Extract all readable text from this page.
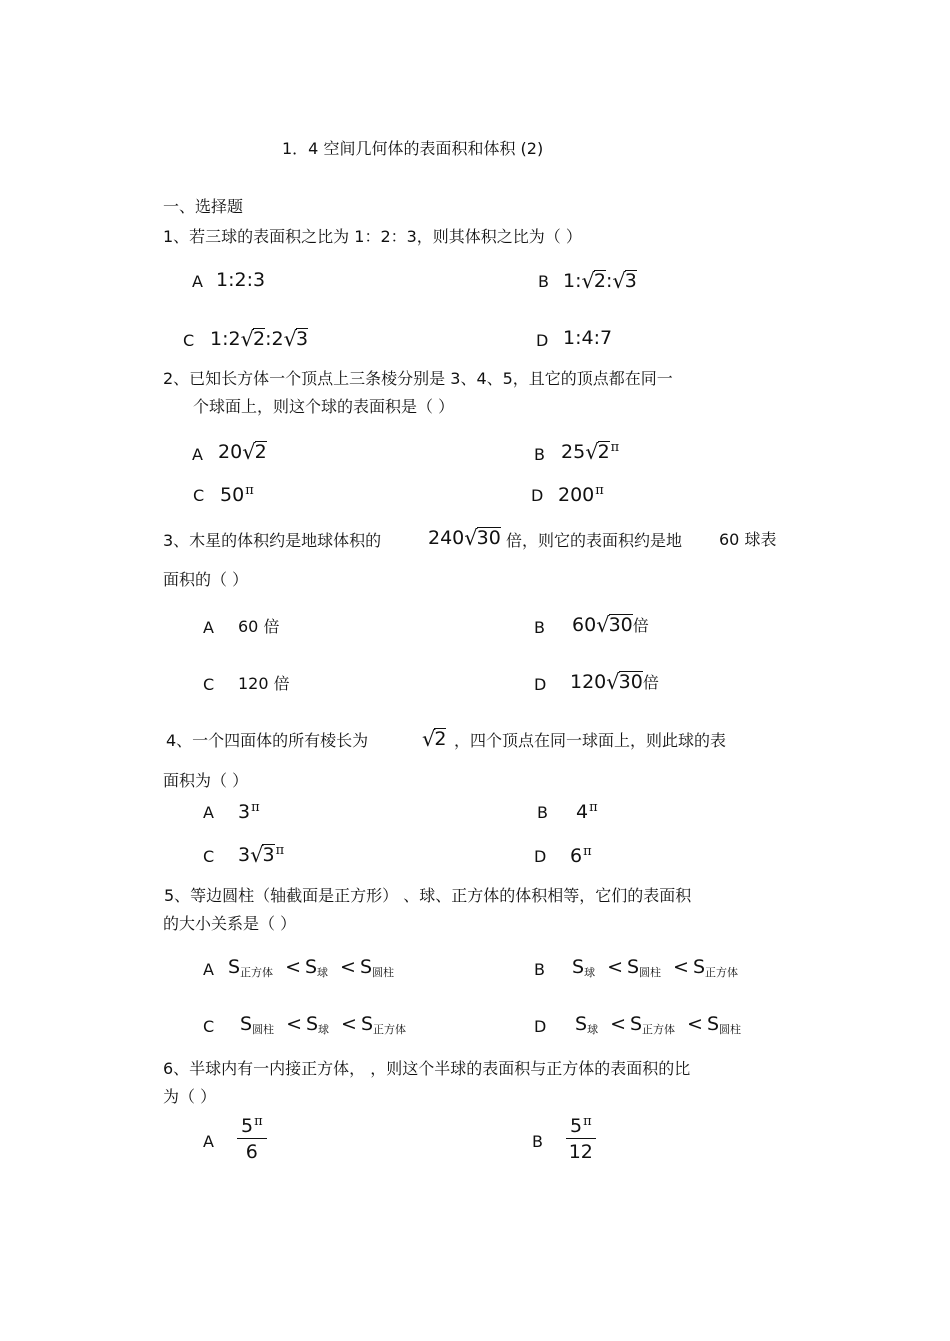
1．4 空间几何体的表面积和体积 (2)
一、选择题
1、若三球的表面积之比为 1：2：3，则其体积之比为（ ）
A 1:2:3	B 1:√2:√3
C 1:2√2:2√3	D 1:4:7
2、已知长方体一个顶点上三条棱分别是 3、4、5，且它的顶点都在同一
个球面上，则这个球的表面积是（ ）
A 20√2	B $25√2^\pi$
C $50^\pi$	D $200^\pi$
3、木星的体积约是地球体积的 240√30 倍，则它的表面积约是地 60 球表
面积的（ ）
A 60 倍	B 60√30倍
C 120 倍	D 120√30倍
4、一个四面体的所有棱长为	√2 ，四个顶点在同一球面上，则此球的表
面积为（ ）
A $3^\pi$	B $4^\pi$
C $3√3^\pi$	D $6^\pi$
5、等边圆柱（轴截面是正方形） 、球、正方体的体积相等，它们的表面积
的大小关系是（ ）
A $S_{正方体} < S_球 < S_{圆柱}$	B $S_球 < S_{圆柱} < S_{正方体}$
C $S_{圆柱} < S_球 < S_{正方体}$	D $S_球 < S_{正方体} < S_{圆柱}$
6、半球内有一内接正方体， ，则这个半球的表面积与正方体的表面积的比
为（ ）
A $\frac{5^\pi}{6}$	B $\frac{5^\pi}{12}$
